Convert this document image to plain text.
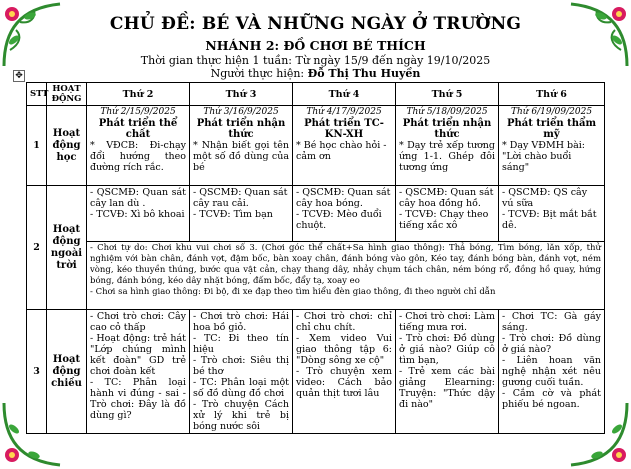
CHỦ ĐỀ: BÉ VÀ NHỮNG NGÀY Ở TRƯỜNG
NHÁNH 2: ĐỒ CHƠI BÉ THÍCH
Thời gian thực hiện 1 tuần: Từ ngày 15/9 đến ngày 19/10/2025
Người thực hiện: Đỗ Thị Thu Huyền
✥
STT	HOẠT ĐỘNG	Thứ 2	Thứ 3	Thứ 4	Thứ 5	Thứ 6
1	Hoạt động học	Thứ 2/15/9/2025
Phát triển thể chất
* VĐCB: Đi-chạy đổi hướng theo đường rích rắc.	Thứ 3/16/9/2025
Phát triển nhận thức
* Nhận biết gọi tên một số đồ dùng của bé	Thứ 4/17/9/2025
Phát triển TC-KN-XH
* Bé học chào hỏi - cảm ơn	Thứ 5/18/09/2025
Phát triển nhận thức
* Dạy trẻ xếp tương ứng 1-1. Ghép đôi tương ứng	Thứ 6/19/09/2025
Phát triển thẩm mỹ
* Dạy VĐMH bài: "Lời chào buổi sáng"

2	Hoạt động ngoài trời	- QSCMĐ: Quan sát cây lan dù .
- TCVĐ: Xì bô khoai	- QSCMĐ: Quan sát cây rau cải.
- TCVĐ: Tìm bạn	- QSCMĐ: Quan sát cây hoa bóng.
- TCVĐ: Mèo đuổi chuột.	- QSCMĐ: Quan sát cây hoa đồng hồ.
- TCVĐ: Chạy theo tiếng xắc xô	- QSCMĐ: QS cây vú sữa
- TCVĐ: Bịt mắt bắt dê.

		- Chơi tự do: Chơi khu vui chơi số 3. (Chơi góc thể chất+Sa hình giao thông): Thả bóng, Tìm bóng, lăn xốp, thử nghiệm với bàn chân, đánh vợt, đậm bốc, bàn xoay chân, đánh bóng vào gôn, Kéo tay, đánh bóng bàn, đánh vợt, ném vòng, kéo thuyền thúng, bước qua vật cản, chạy thang dây, nhảy chụm tách chân, ném bóng rổ, đồng hồ quay, hứng bóng, đánh bóng, kéo dây nhặt bóng, đấm bốc, đẩy tạ, xoay eo
- Chơi sa hình giao thông: Đi bộ, đi xe đạp theo tìm hiểu đèn giao thông, đi theo người chỉ dẫn				
3	Hoạt động chiều	- Chơi trò chơi: Cây cao cỏ thấp
- Hoạt động: trẻ hát "Lớp chúng mình kết đoàn" GD trẻ chơi đoàn kết
- TC: Phân loại hành vi đúng - sai - Trò chơi: Đây là đồ dùng gì?	- Chơi trò chơi: Hái hoa bồ giỏ.
- TC: Đi theo tín hiệu
- Trò chơi: Siêu thị bé thơ
- TC: Phân loại một số đồ dùng đồ chơi
- Trò chuyện Cách xử lý khi trẻ bị bóng nước sôi	- Chơi trò chơi: chỉ chỉ chu chít.
- Xem video Vui giao thông tập 6: "Dòng sông xe cộ"
- Trò chuyện xem video: Cách bảo quản thịt tươi lâu	- Chơi trò chơi: Làm tiếng mưa rơi.
- Trò chơi: Đồ dùng ở giá nào? Giúp cô tìm bạn,
- Trẻ xem các bài giảng Elearning: Truyện: "Thức dậy đi nào"	- Chơi TC: Gà gáy sáng.
- Trò chơi: Đồ dùng ở giá nào?
- Liên hoan văn nghệ nhận xét nêu gương cuối tuần.
- Cắm cờ và phát phiếu bé ngoan.
